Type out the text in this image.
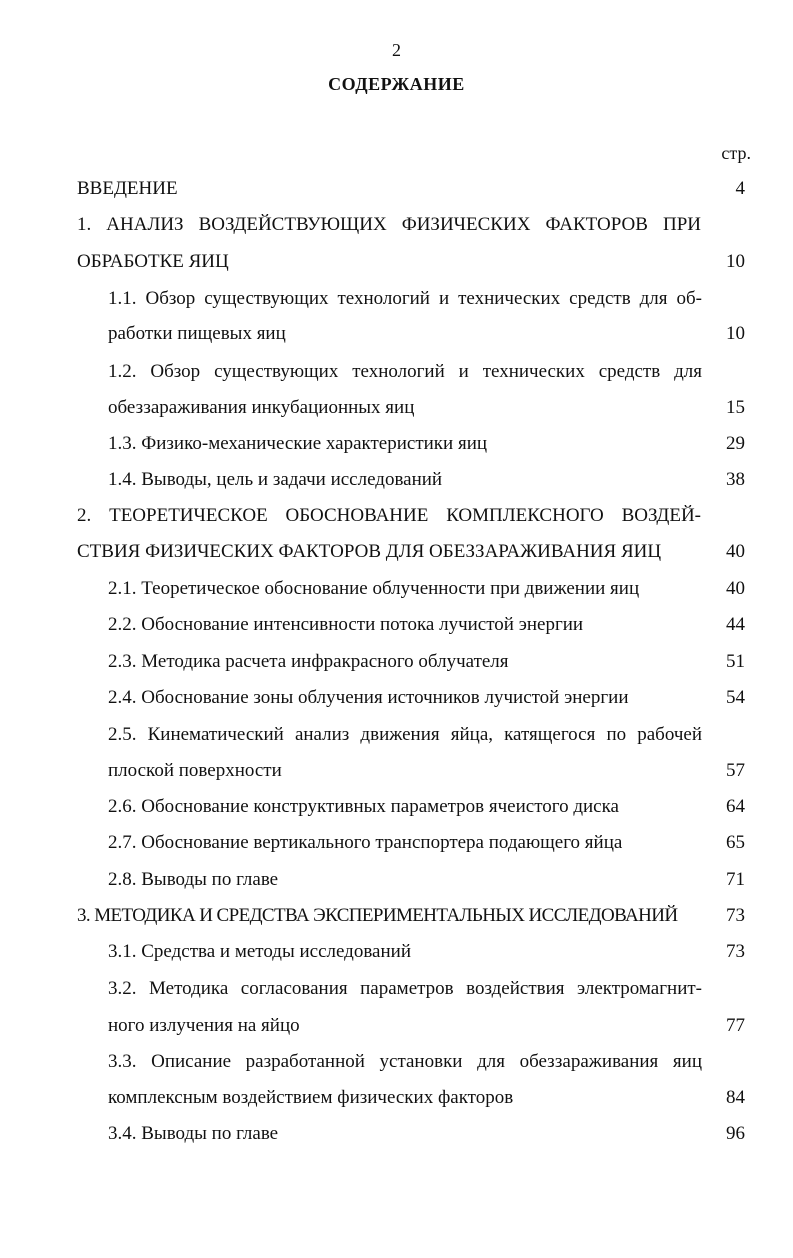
2
СОДЕРЖАНИЕ
стр.
ВВЕДЕНИЕ	4
1. АНАЛИЗ ВОЗДЕЙСТВУЮЩИХ ФИЗИЧЕСКИХ ФАКТОРОВ ПРИ
ОБРАБОТКЕ ЯИЦ	10
1.1. Обзор существующих технологий и технических средств для об-
работки пищевых яиц	10
1.2. Обзор существующих технологий и технических средств для
обеззараживания инкубационных яиц	15
1.3. Физико-механические характеристики яиц	29
1.4. Выводы, цель и задачи исследований	38
2. ТЕОРЕТИЧЕСКОЕ ОБОСНОВАНИЕ КОМПЛЕКСНОГО ВОЗДЕЙ-
СТВИЯ ФИЗИЧЕСКИХ ФАКТОРОВ ДЛЯ ОБЕЗЗАРАЖИВАНИЯ ЯИЦ	40
2.1. Теоретическое обоснование облученности при движении яиц	40
2.2. Обоснование интенсивности потока лучистой энергии	44
2.3. Методика расчета инфракрасного облучателя	51
2.4. Обоснование зоны облучения источников лучистой энергии	54
2.5. Кинематический анализ движения яйца, катящегося по рабочей
плоской поверхности	57
2.6. Обоснование конструктивных параметров ячеистого диска	64
2.7. Обоснование вертикального транспортера подающего яйца	65
2.8. Выводы по главе	71
3. МЕТОДИКА И СРЕДСТВА ЭКСПЕРИМЕНТАЛЬНЫХ ИССЛЕДОВАНИЙ	73
3.1. Средства и методы исследований	73
3.2. Методика согласования параметров воздействия электромагнит-
ного излучения на яйцо	77
3.3. Описание разработанной установки для обеззараживания яиц
комплексным воздействием физических факторов	84
3.4. Выводы по главе	96
